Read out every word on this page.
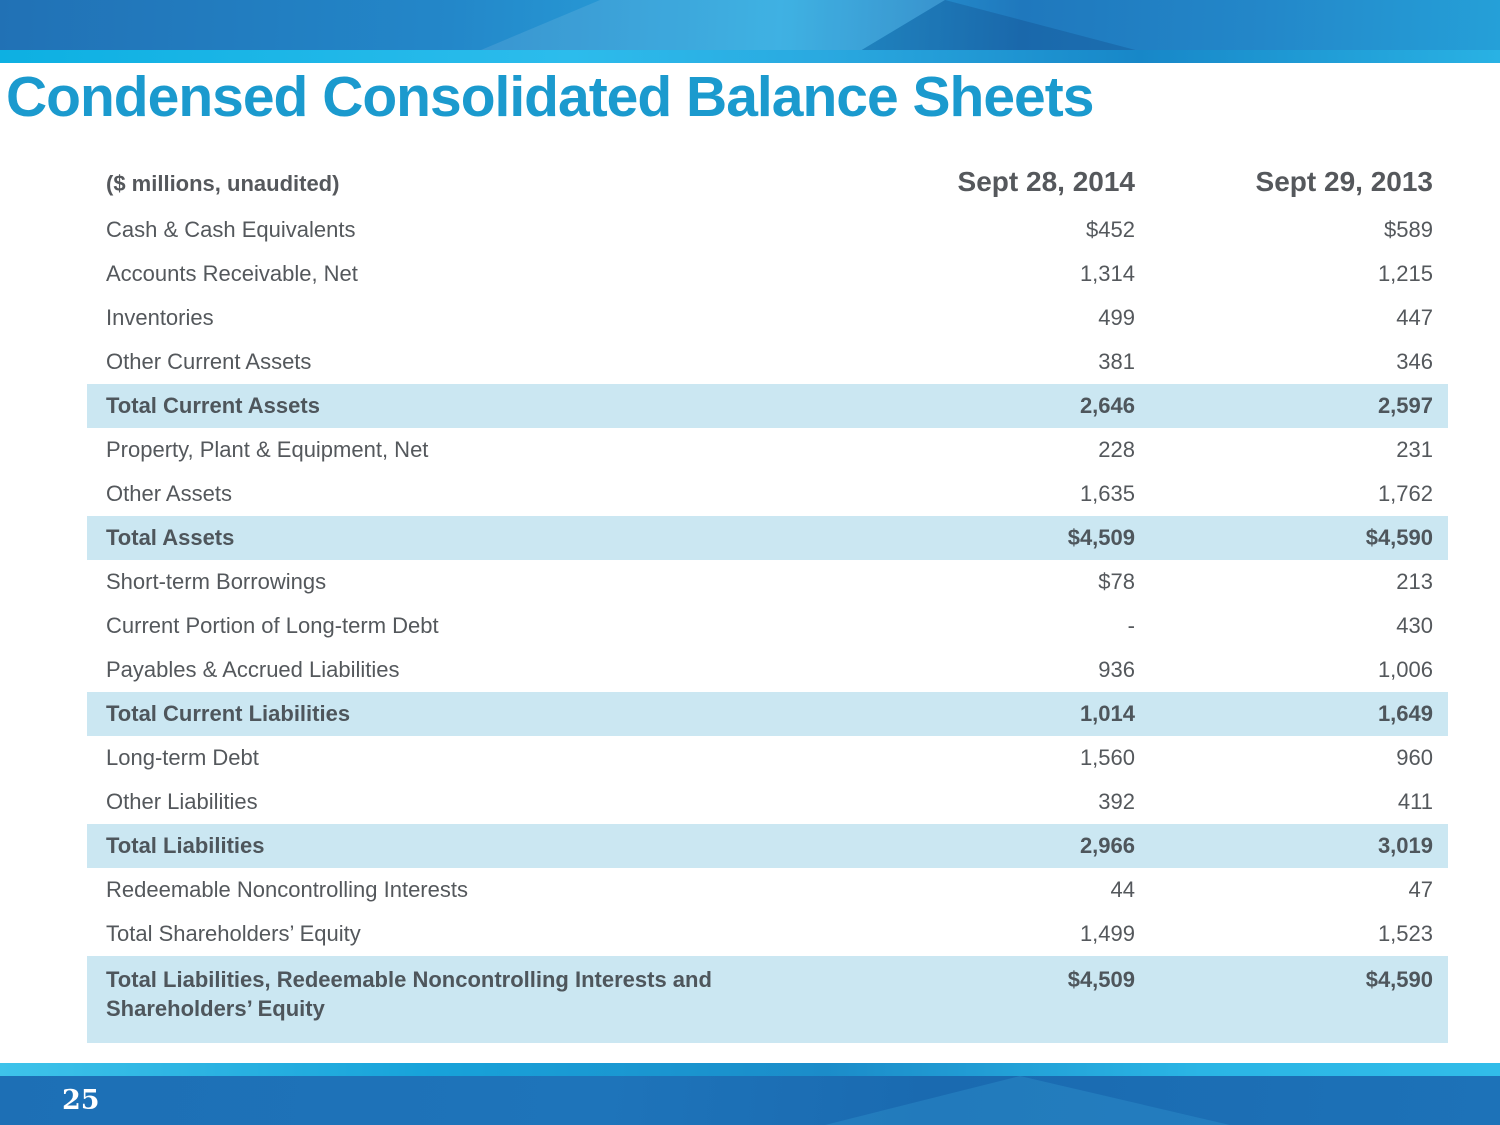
Condensed Consolidated Balance Sheets
($ millions, unaudited)	Sept 28, 2014	Sept 29, 2013
Cash & Cash Equivalents	$452	$589
Accounts Receivable, Net	1,314	1,215
Inventories	499	447
Other Current Assets	381	346
Total Current Assets	2,646	2,597
Property, Plant & Equipment, Net	228	231
Other Assets	1,635	1,762
Total Assets	$4,509	$4,590
Short-term Borrowings	$78	213
Current Portion of Long-term Debt	-	430
Payables & Accrued Liabilities	936	1,006
Total Current Liabilities	1,014	1,649
Long-term Debt	1,560	960
Other Liabilities	392	411
Total Liabilities	2,966	3,019
Redeemable Noncontrolling Interests	44	47
Total Shareholders’ Equity	1,499	1,523
Total Liabilities, Redeemable Noncontrolling Interests and Shareholders’ Equity
$4,509	$4,590
25
